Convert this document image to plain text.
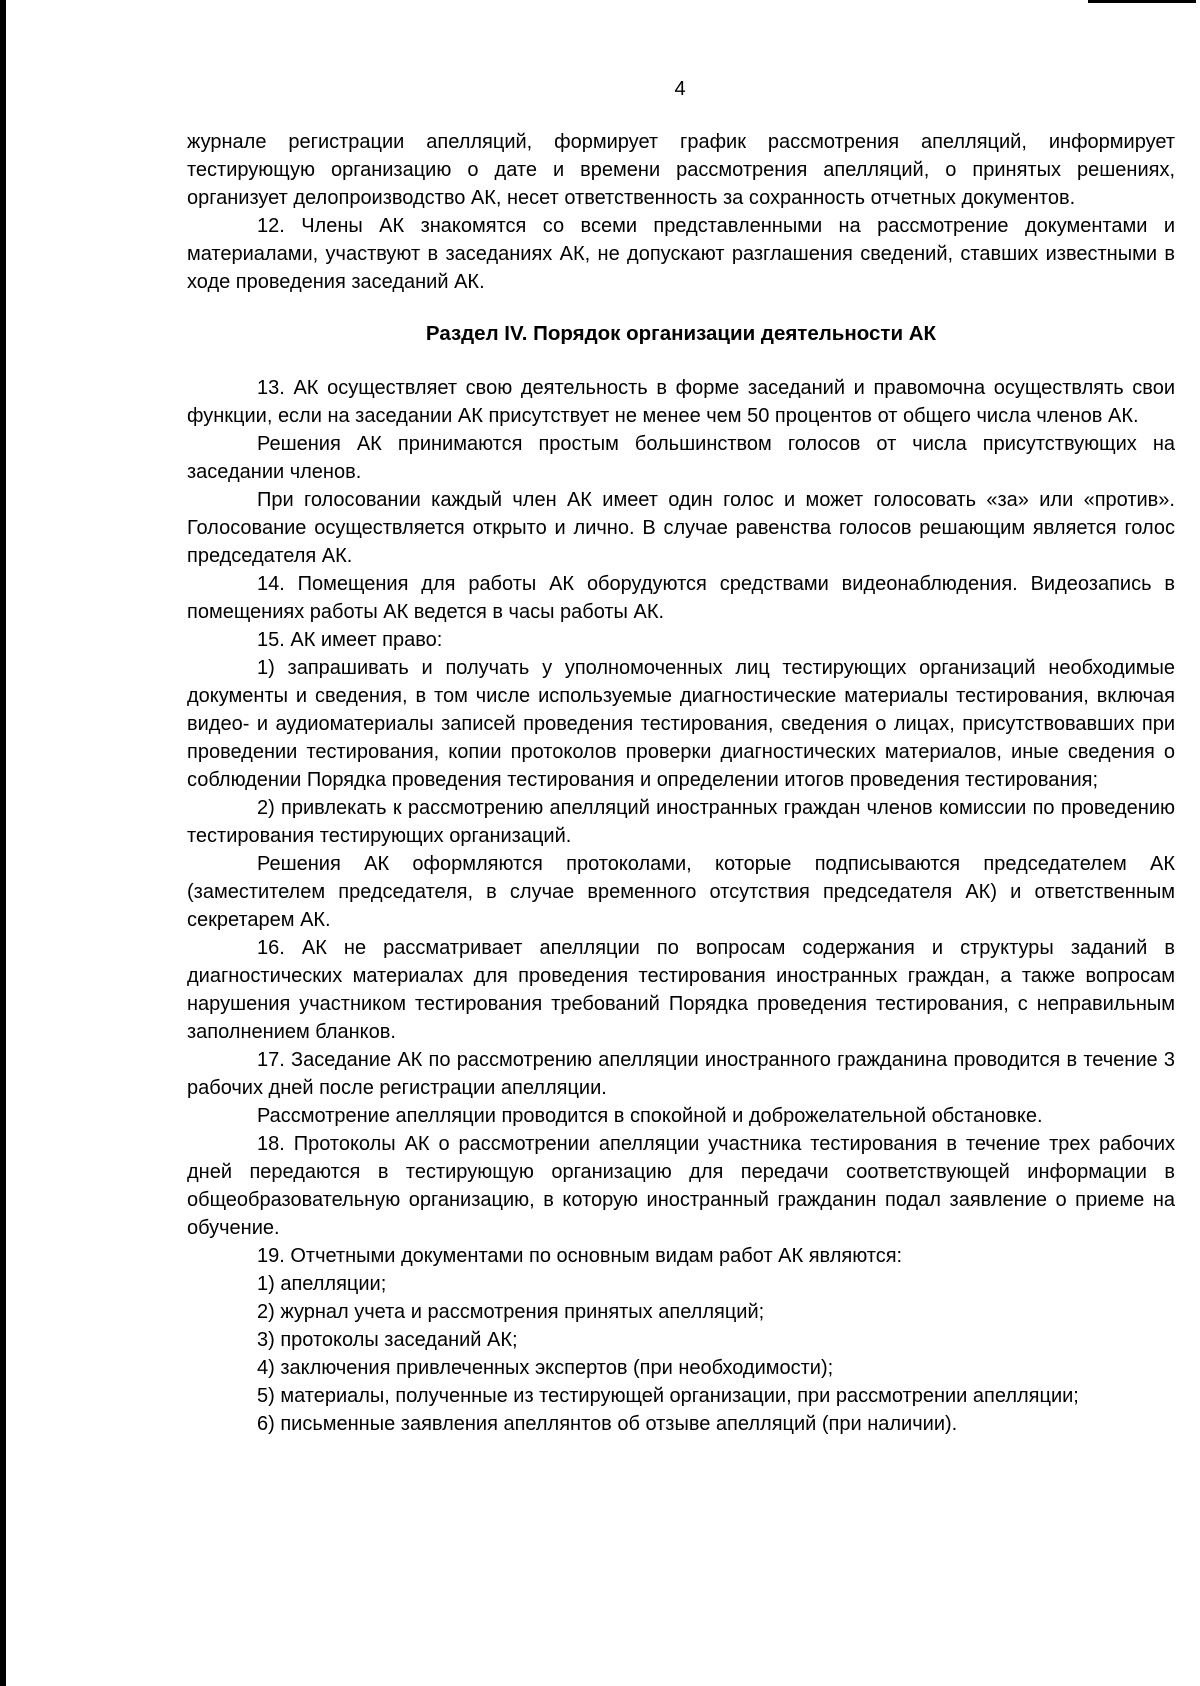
4

журнале регистрации апелляций, формирует график рассмотрения апелляций, информирует тестирующую организацию о дате и времени рассмотрения апелляций, о принятых решениях, организует делопроизводство АК, несет ответственность за сохранность отчетных документов.

12. Члены АК знакомятся со всеми представленными на рассмотрение документами и материалами, участвуют в заседаниях АК, не допускают разглашения сведений, ставших известными в ходе проведения заседаний АК.

Раздел IV. Порядок организации деятельности АК

13. АК осуществляет свою деятельность в форме заседаний и правомочна осуществлять свои функции, если на заседании АК присутствует не менее чем 50 процентов от общего числа членов АК.

Решения АК принимаются простым большинством голосов от числа присутствующих на заседании членов.

При голосовании каждый член АК имеет один голос и может голосовать «за» или «против». Голосование осуществляется открыто и лично. В случае равенства голосов решающим является голос председателя АК.

14. Помещения для работы АК оборудуются средствами видеонаблюдения. Видеозапись в помещениях работы АК ведется в часы работы АК.

15. АК имеет право:

1) запрашивать и получать у уполномоченных лиц тестирующих организаций необходимые документы и сведения, в том числе используемые диагностические материалы тестирования, включая видео- и аудиоматериалы записей проведения тестирования, сведения о лицах, присутствовавших при проведении тестирования, копии протоколов проверки диагностических материалов, иные сведения о соблюдении Порядка проведения тестирования и определении итогов проведения тестирования;

2) привлекать к рассмотрению апелляций иностранных граждан членов комиссии по проведению тестирования тестирующих организаций.

Решения АК оформляются протоколами, которые подписываются председателем АК (заместителем председателя, в случае временного отсутствия председателя АК) и ответственным секретарем АК.

16. АК не рассматривает апелляции по вопросам содержания и структуры заданий в диагностических материалах для проведения тестирования иностранных граждан, а также вопросам нарушения участником тестирования требований Порядка проведения тестирования, с неправильным заполнением бланков.

17. Заседание АК по рассмотрению апелляции иностранного гражданина проводится в течение 3 рабочих дней после регистрации апелляции.

Рассмотрение апелляции проводится в спокойной и доброжелательной обстановке.

18. Протоколы АК о рассмотрении апелляции участника тестирования в течение трех рабочих дней передаются в тестирующую организацию для передачи соответствующей информации в общеобразовательную организацию, в которую иностранный гражданин подал заявление о приеме на обучение.

19. Отчетными документами по основным видам работ АК являются:

1) апелляции;

2) журнал учета и рассмотрения принятых апелляций;

3) протоколы заседаний АК;

4) заключения привлеченных экспертов (при необходимости);

5) материалы, полученные из тестирующей организации, при рассмотрении апелляции;

6) письменные заявления апеллянтов об отзыве апелляций (при наличии).
